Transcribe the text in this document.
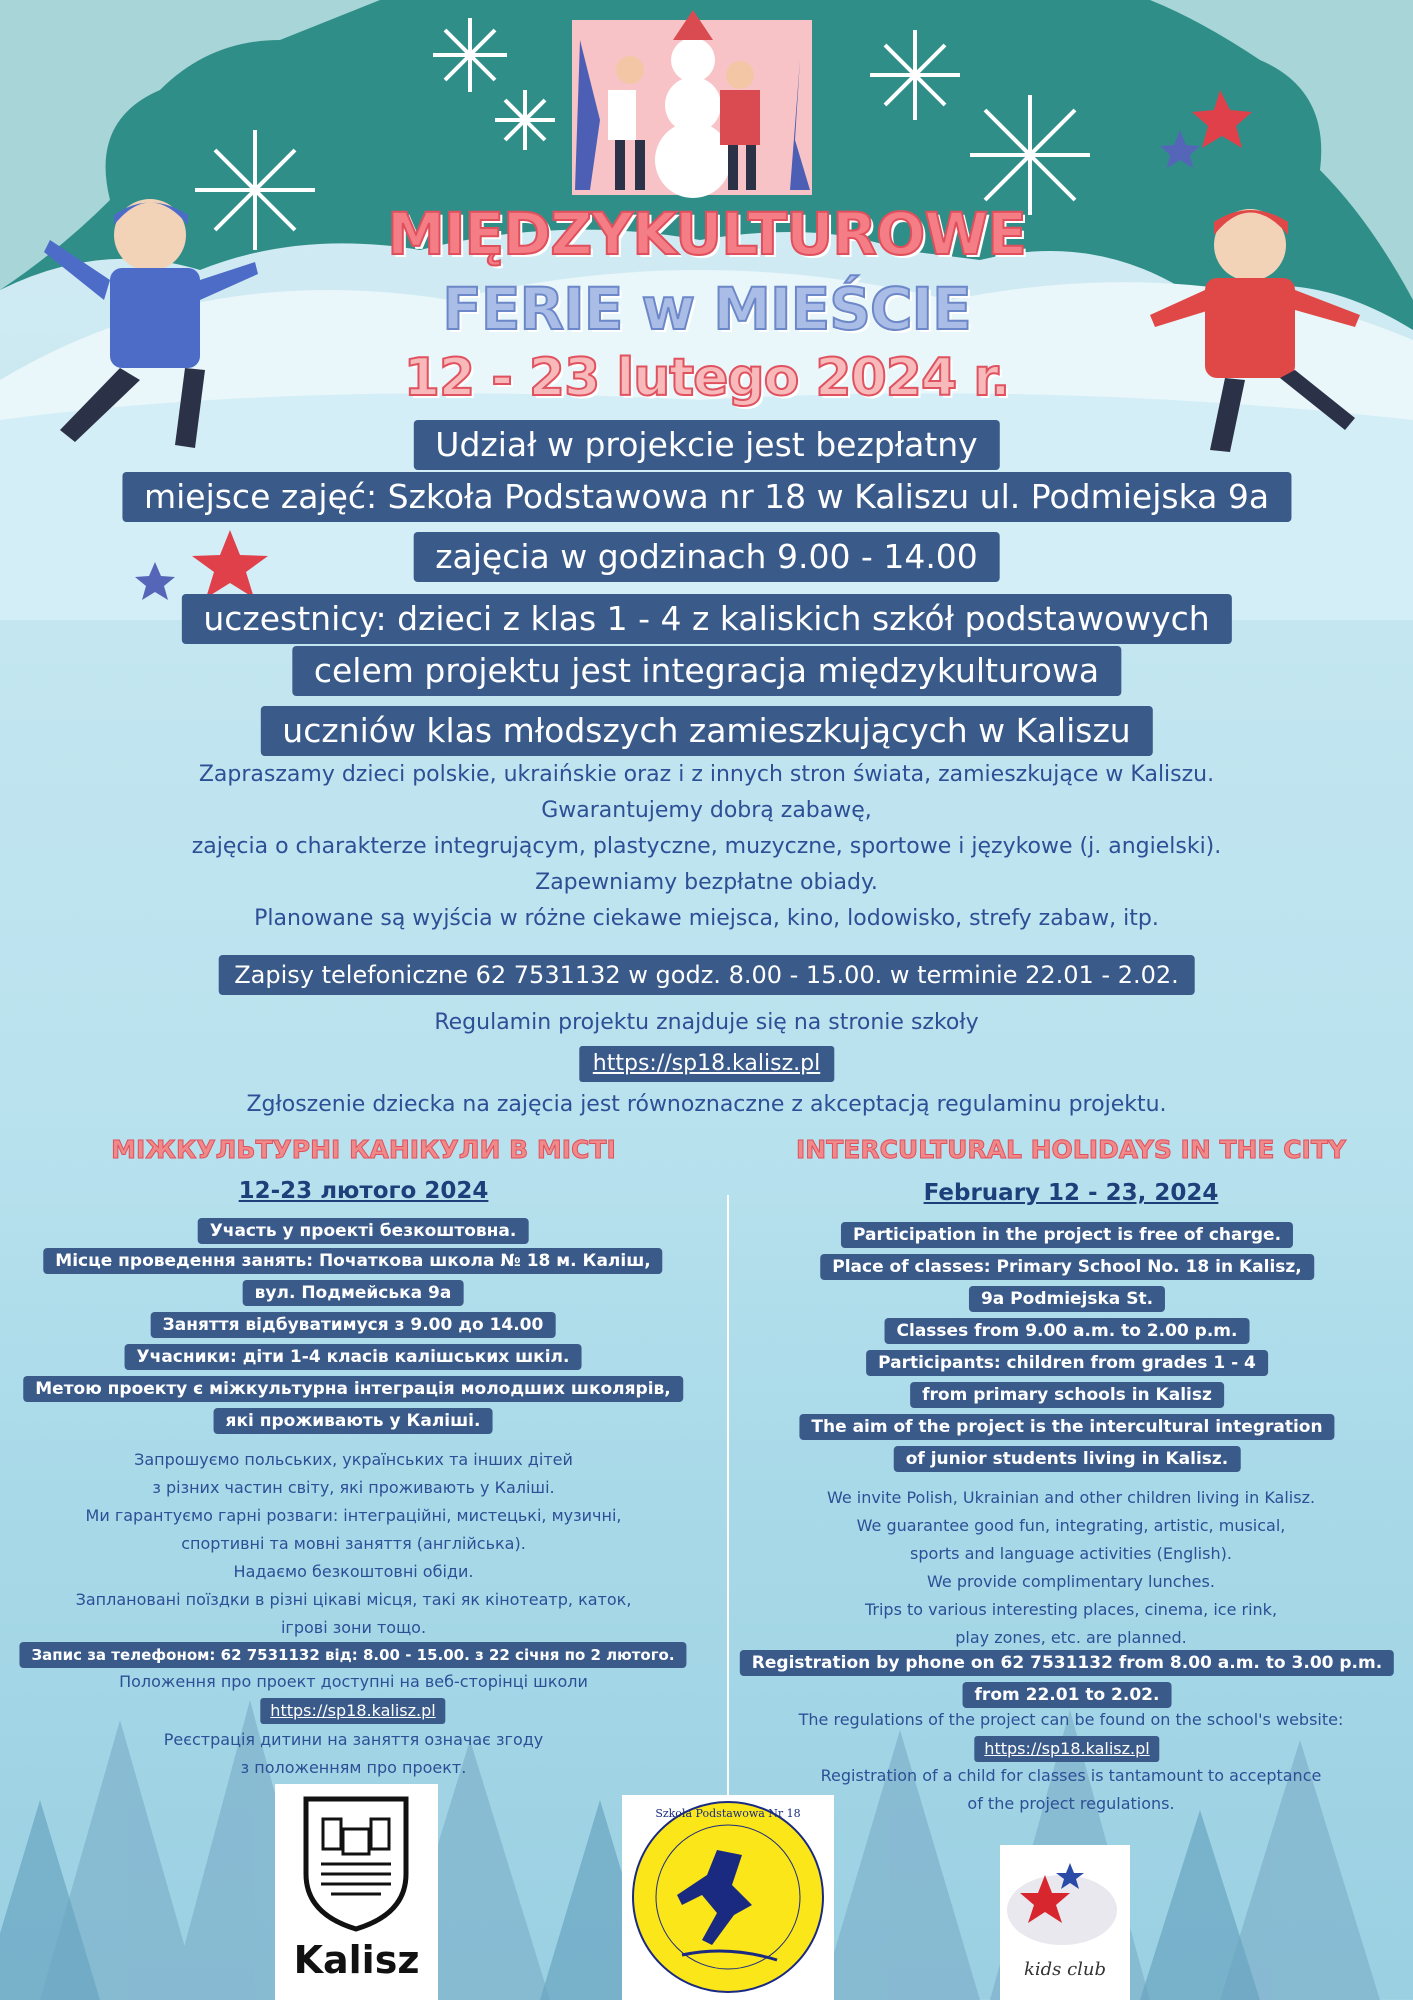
MIĘDZYKULTUROWE
FERIE w MIEŚCIE
12 - 23 lutego 2024 r.
Udział w projekcie jest bezpłatny
miejsce zajęć: Szkoła Podstawowa nr 18 w Kaliszu ul. Podmiejska 9a
zajęcia w godzinach 9.00 - 14.00
uczestnicy: dzieci z klas 1 - 4 z kaliskich szkół podstawowych
celem projektu jest integracja międzykulturowa
uczniów klas młodszych zamieszkujących w Kaliszu
Zapraszamy dzieci polskie, ukraińskie oraz i z innych stron świata, zamieszkujące w Kaliszu.
Gwarantujemy dobrą zabawę,
zajęcia o charakterze integrującym, plastyczne, muzyczne, sportowe i językowe (j. angielski).
Zapewniamy bezpłatne obiady.
Planowane są wyjścia w różne ciekawe miejsca, kino, lodowisko, strefy zabaw, itp.
Zapisy telefoniczne 62 7531132 w godz. 8.00 - 15.00. w terminie 22.01 - 2.02.
Regulamin projektu znajduje się na stronie szkoły
https://sp18.kalisz.pl
Zgłoszenie dziecka na zajęcia jest równoznaczne z akceptacją regulaminu projektu.
МІЖКУЛЬТУРНІ КАНІКУЛИ В МІСТІ
12-23 лютого 2024
Участь у проекті безкоштовна.
Місце проведення занять: Початкова школа № 18 м. Каліш,
вул. Подмейська 9а
Заняття відбуватимуся з 9.00 до 14.00
Учасники: діти 1-4 класів калішських шкіл.
Метою проекту є міжкультурна інтеграція молодших школярів,
які проживають у Каліші.
Запрошуємо польських, українських та інших дітей
з різних частин світу, які проживають у Каліші.
Ми гарантуємо гарні розваги: інтеграційні, мистецькі, музичні,
спортивні та мовні заняття (англійська).
Надаємо безкоштовні обіди.
Заплановані поїздки в різні цікаві місця, такі як кінотеатр, каток,
ігрові зони тощо.
Запис за телефоном: 62 7531132 від: 8.00 - 15.00. з 22 січня по 2 лютого.
Положення про проект доступні на веб-сторінці школи
https://sp18.kalisz.pl
Реєстрація дитини на заняття означає згоду
з положенням про проект.
INTERCULTURAL HOLIDAYS IN THE CITY
February 12 - 23, 2024
Participation in the project is free of charge.
Place of classes: Primary School No. 18 in Kalisz,
9a Podmiejska St.
Classes from 9.00 a.m. to 2.00 p.m.
Participants: children from grades 1 - 4
from primary schools in Kalisz
The aim of the project is the intercultural integration
of junior students living in Kalisz.
We invite Polish, Ukrainian and other children living in Kalisz.
We guarantee good fun, integrating, artistic, musical,
sports and language activities (English).
We provide complimentary lunches.
Trips to various interesting places, cinema, ice rink,
play zones, etc. are planned.
Registration by phone on 62 7531132 from 8.00 a.m. to 3.00 p.m.
from 22.01 to 2.02.
The regulations of the project can be found on the school's website:
https://sp18.kalisz.pl
Registration of a child for classes is tantamount to acceptance
of the project regulations.
Kalisz
Szkoła Podstawowa Nr 18
kids club
